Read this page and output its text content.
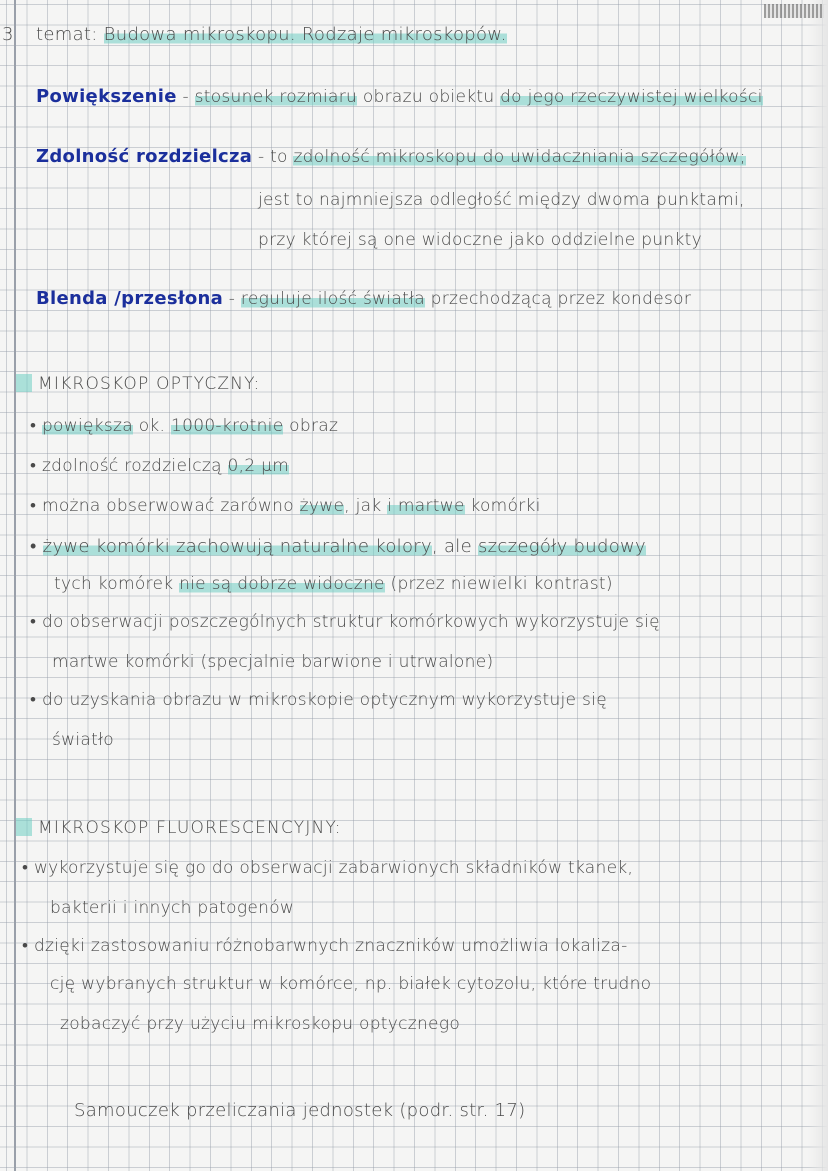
3 temat: Budowa mikroskopu. Rodzaje mikroskopów.
Powiększenie - stosunek rozmiaru obrazu obiektu do jego rzeczywistej wielkości
Zdolność rozdzielcza - to zdolność mikroskopu do uwidaczniania szczegółów;
jest to najmniejsza odległość między dwoma punktami,
przy której są one widoczne jako oddzielne punkty
Blenda /przesłona - reguluje ilość światła przechodzącą przez kondesor
MIKROSKOP OPTYCZNY:
• powiększa ok. 1000-krotnie obraz
• zdolność rozdzielczą 0,2 µm
• można obserwować zarówno żywe, jak i martwe komórki
• żywe komórki zachowują naturalne kolory, ale szczegóły budowy
tych komórek nie są dobrze widoczne (przez niewielki kontrast)
• do obserwacji poszczególnych struktur komórkowych wykorzystuje się
martwe komórki (specjalnie barwione i utrwalone)
• do uzyskania obrazu w mikroskopie optycznym wykorzystuje się
światło
MIKROSKOP FLUORESCENCYJNY:
• wykorzystuje się go do obserwacji zabarwionych składników tkanek,
bakterii i innych patogenów
• dzięki zastosowaniu różnobarwnych znaczników umożliwia lokaliza-
cję wybranych struktur w komórce, np. białek cytozolu, które trudno
zobaczyć przy użyciu mikroskopu optycznego
Samouczek przeliczania jednostek (podr. str. 17)
